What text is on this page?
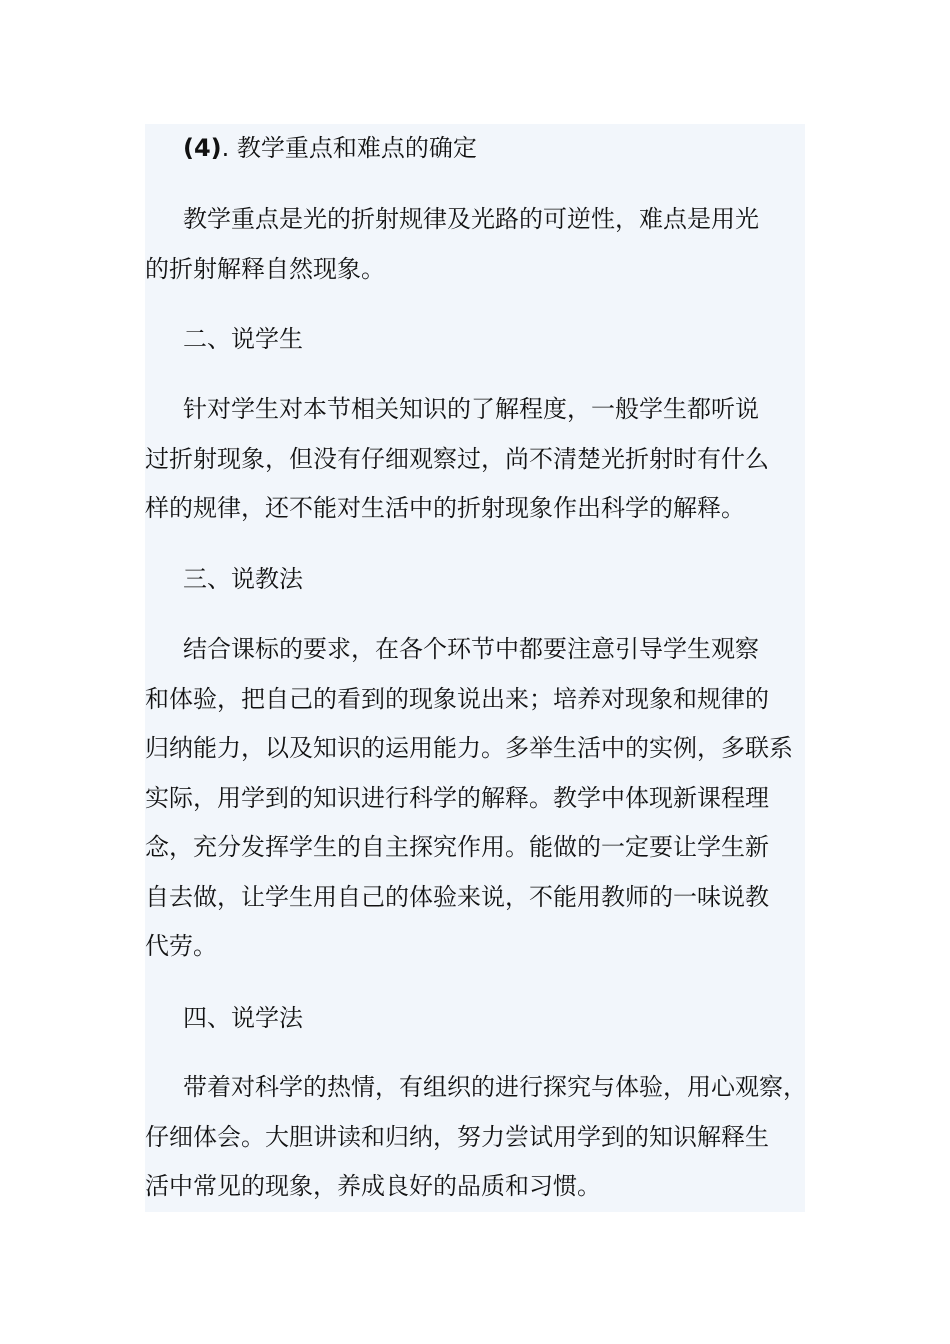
(4). 教学重点和难点的确定

教学重点是光的折射规律及光路的可逆性，难点是用光
的折射解释自然现象。

二、说学生

针对学生对本节相关知识的了解程度，一般学生都听说
过折射现象，但没有仔细观察过，尚不清楚光折射时有什么
样的规律，还不能对生活中的折射现象作出科学的解释。

三、说教法

结合课标的要求，在各个环节中都要注意引导学生观察
和体验，把自己的看到的现象说出来；培养对现象和规律的
归纳能力，以及知识的运用能力。多举生活中的实例，多联系
实际，用学到的知识进行科学的解释。教学中体现新课程理
念，充分发挥学生的自主探究作用。能做的一定要让学生新
自去做，让学生用自己的体验来说，不能用教师的一味说教
代劳。

四、说学法

带着对科学的热情，有组织的进行探究与体验，用心观察，
仔细体会。大胆讲读和归纳，努力尝试用学到的知识解释生
活中常见的现象，养成良好的品质和习惯。
